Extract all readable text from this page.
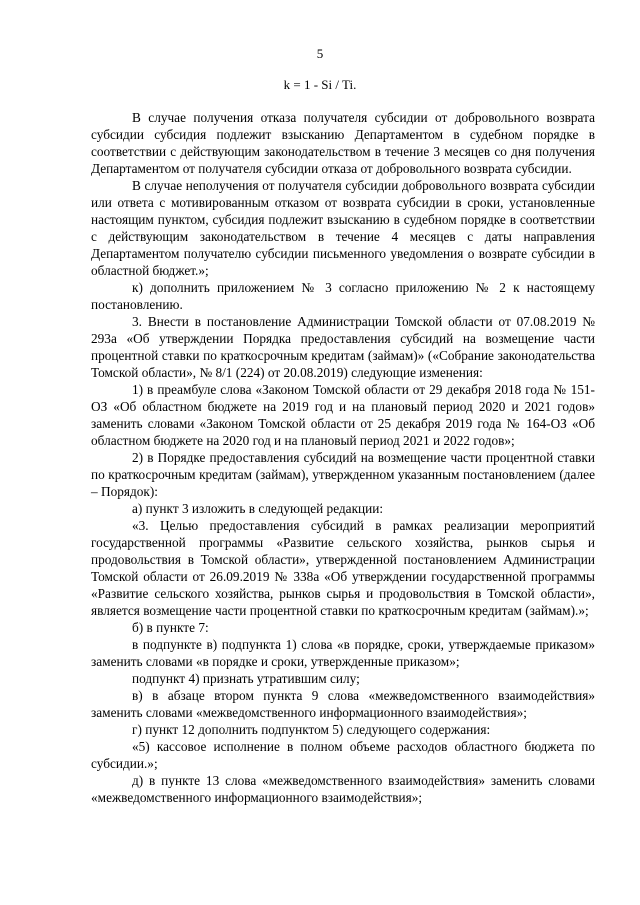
5
k = 1 - Si / Ti.

В случае получения отказа получателя субсидии от добровольного возврата субсидии субсидия подлежит взысканию Департаментом в судебном порядке в соответствии с действующим законодательством в течение 3 месяцев со дня получения Департаментом от получателя субсидии отказа от добровольного возврата субсидии.

В случае неполучения от получателя субсидии добровольного возврата субсидии или ответа с мотивированным отказом от возврата субсидии в сроки, установленные настоящим пунктом, субсидия подлежит взысканию в судебном порядке в соответствии с действующим законодательством в течение 4 месяцев с даты направления Департаментом получателю субсидии письменного уведомления о возврате субсидии в областной бюджет.»;

к) дополнить приложением № 3 согласно приложению № 2 к настоящему постановлению.

3. Внести в постановление Администрации Томской области от 07.08.2019 № 293а «Об утверждении Порядка предоставления субсидий на возмещение части процентной ставки по краткосрочным кредитам (займам)» («Собрание законодательства Томской области», № 8/1 (224) от 20.08.2019) следующие изменения:

1) в преамбуле слова «Законом Томской области от 29 декабря 2018 года № 151-ОЗ «Об областном бюджете на 2019 год и на плановый период 2020 и 2021 годов» заменить словами «Законом Томской области от 25 декабря 2019 года № 164-ОЗ «Об областном бюджете на 2020 год и на плановый период 2021 и 2022 годов»;

2) в Порядке предоставления субсидий на возмещение части процентной ставки по краткосрочным кредитам (займам), утвержденном указанным постановлением (далее – Порядок):

а) пункт 3 изложить в следующей редакции:

«3. Целью предоставления субсидий в рамках реализации мероприятий государственной программы «Развитие сельского хозяйства, рынков сырья и продовольствия в Томской области», утвержденной постановлением Администрации Томской области от 26.09.2019 № 338а «Об утверждении государственной программы «Развитие сельского хозяйства, рынков сырья и продовольствия в Томской области», является возмещение части процентной ставки по краткосрочным кредитам (займам).»;

б) в пункте 7:

в подпункте в) подпункта 1) слова «в порядке, сроки, утверждаемые приказом» заменить словами «в порядке и сроки, утвержденные приказом»;

подпункт 4) признать утратившим силу;

в) в абзаце втором пункта 9 слова «межведомственного взаимодействия» заменить словами «межведомственного информационного взаимодействия»;

г) пункт 12 дополнить подпунктом 5) следующего содержания:

«5) кассовое исполнение в полном объеме расходов областного бюджета по субсидии.»;

д) в пункте 13 слова «межведомственного взаимодействия» заменить словами «межведомственного информационного взаимодействия»;
